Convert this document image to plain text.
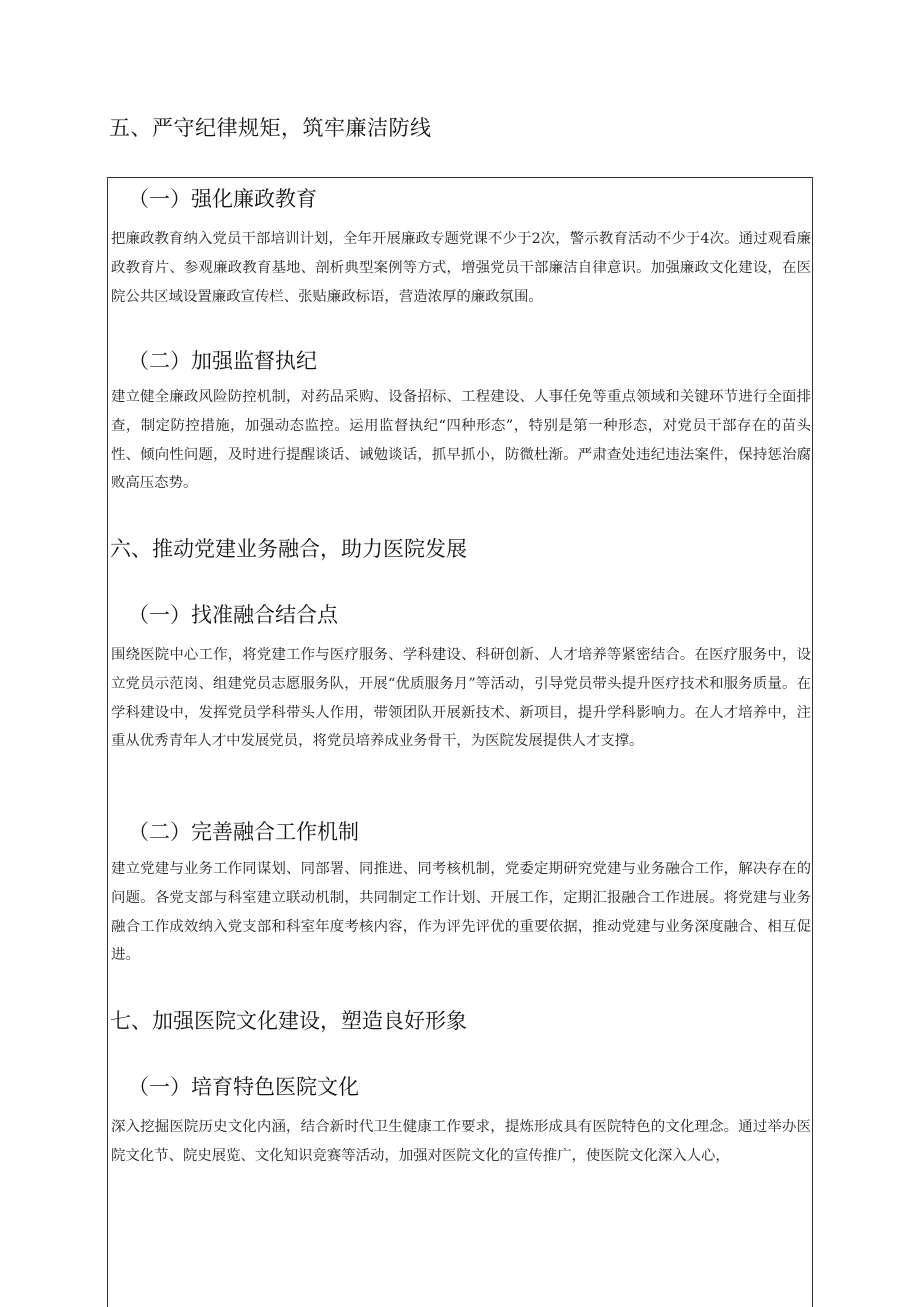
五、严守纪律规矩，筑牢廉洁防线
（一）强化廉政教育

把廉政教育纳入党员干部培训计划，全年开展廉政专题党课不少于2次，警示教育活动不少于4次。通过观看廉政教育片、参观廉政教育基地、剖析典型案例等方式，增强党员干部廉洁自律意识。加强廉政文化建设，在医院公共区域设置廉政宣传栏、张贴廉政标语，营造浓厚的廉政氛围。

（二）加强监督执纪

建立健全廉政风险防控机制，对药品采购、设备招标、工程建设、人事任免等重点领域和关键环节进行全面排查，制定防控措施，加强动态监控。运用监督执纪“四种形态”，特别是第一种形态，对党员干部存在的苗头性、倾向性问题，及时进行提醒谈话、诫勉谈话，抓早抓小，防微杜渐。严肃查处违纪违法案件，保持惩治腐败高压态势。

六、推动党建业务融合，助力医院发展
（一）找准融合结合点

围绕医院中心工作，将党建工作与医疗服务、学科建设、科研创新、人才培养等紧密结合。在医疗服务中，设立党员示范岗、组建党员志愿服务队，开展“优质服务月”等活动，引导党员带头提升医疗技术和服务质量。在学科建设中，发挥党员学科带头人作用，带领团队开展新技术、新项目，提升学科影响力。在人才培养中，注重从优秀青年人才中发展党员，将党员培养成业务骨干，为医院发展提供人才支撑。

（二）完善融合工作机制

建立党建与业务工作同谋划、同部署、同推进、同考核机制，党委定期研究党建与业务融合工作，解决存在的问题。各党支部与科室建立联动机制，共同制定工作计划、开展工作，定期汇报融合工作进展。将党建与业务融合工作成效纳入党支部和科室年度考核内容，作为评先评优的重要依据，推动党建与业务深度融合、相互促进。

七、加强医院文化建设，塑造良好形象
（一）培育特色医院文化

深入挖掘医院历史文化内涵，结合新时代卫生健康工作要求，提炼形成具有医院特色的文化理念。通过举办医院文化节、院史展览、文化知识竞赛等活动，加强对医院文化的宣传推广，使医院文化深入人心，
